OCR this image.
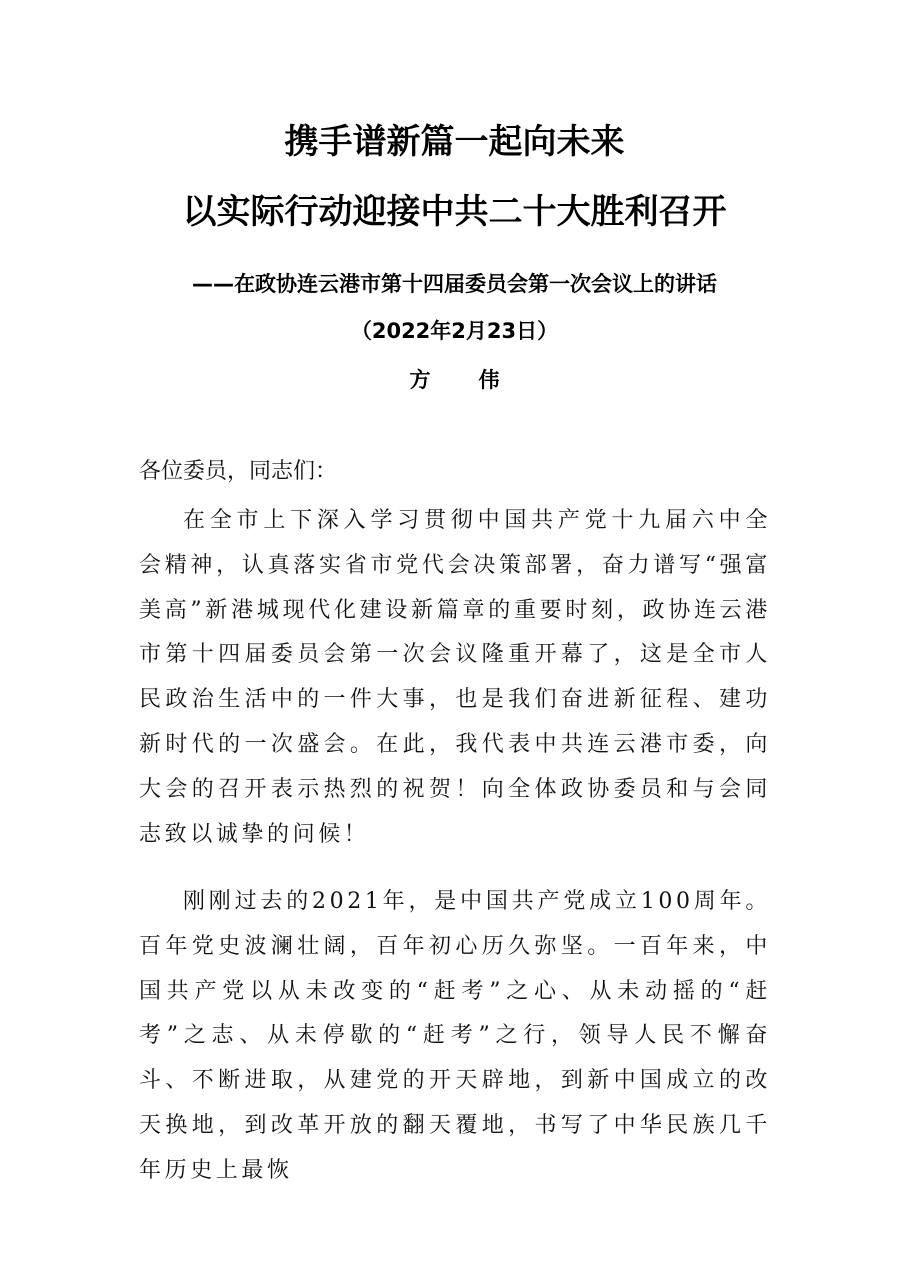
携手谱新篇一起向未来
以实际行动迎接中共二十大胜利召开
——在政协连云港市第十四届委员会第一次会议上的讲话
（2022年2月23日）
方伟
各位委员，同志们：

在全市上下深入学习贯彻中国共产党十九届六中全会精神，认真落实省市党代会决策部署，奋力谱写“强富美高”新港城现代化建设新篇章的重要时刻，政协连云港市第十四届委员会第一次会议隆重开幕了，这是全市人民政治生活中的一件大事，也是我们奋进新征程、建功新时代的一次盛会。在此，我代表中共连云港市委，向大会的召开表示热烈的祝贺！向全体政协委员和与会同志致以诚挚的问候！

刚刚过去的2021年，是中国共产党成立100周年。百年党史波澜壮阔，百年初心历久弥坚。一百年来，中国共产党以从未改变的“赶考”之心、从未动摇的“赶考”之志、从未停歇的“赶考”之行，领导人民不懈奋斗、不断进取，从建党的开天辟地，到新中国成立的改天换地，到改革开放的翻天覆地，书写了中华民族几千年历史上最恢
